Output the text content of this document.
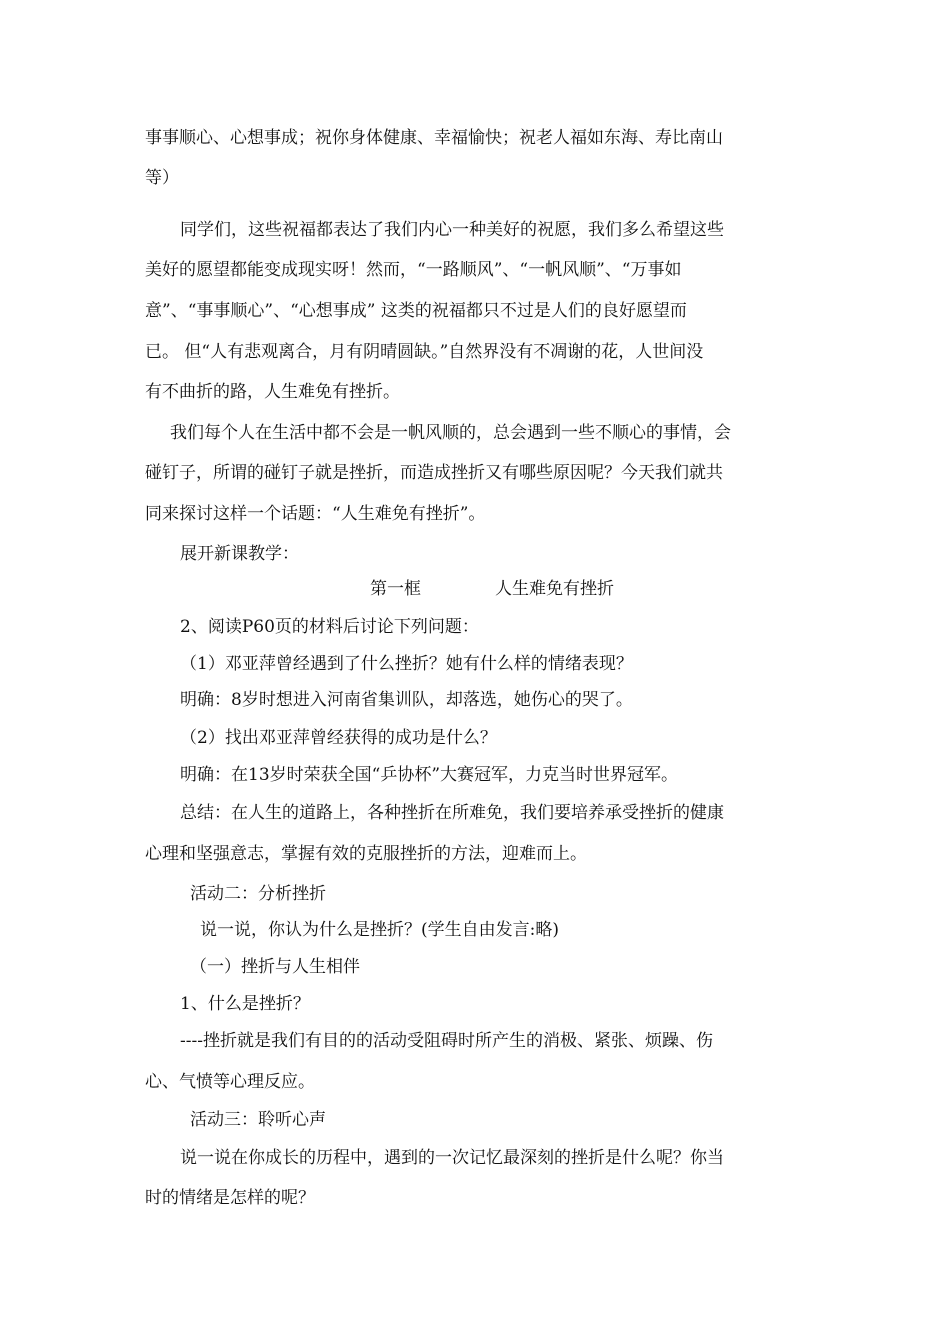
事事顺心、心想事成；祝你身体健康、幸福愉快；祝老人福如东海、寿比南山

等）

同学们，这些祝福都表达了我们内心一种美好的祝愿，我们多么希望这些

美好的愿望都能变成现实呀！然而，“一路顺风”、“一帆风顺”、“万事如

意”、“事事顺心”、“心想事成” 这类的祝福都只不过是人们的良好愿望而

已。 但“人有悲观离合，月有阴晴圆缺。”自然界没有不凋谢的花，人世间没

有不曲折的路，人生难免有挫折。

我们每个人在生活中都不会是一帆风顺的，总会遇到一些不顺心的事情，会

碰钉子，所谓的碰钉子就是挫折，而造成挫折又有哪些原因呢？今天我们就共

同来探讨这样一个话题：“人生难免有挫折”。

展开新课教学：

第一框	人生难免有挫折

2、阅读P60页的材料后讨论下列问题：

（1）邓亚萍曾经遇到了什么挫折？她有什么样的情绪表现？

明确：8岁时想进入河南省集训队，却落选，她伤心的哭了。

（2）找出邓亚萍曾经获得的成功是什么？

明确：在13岁时荣获全国“乒协杯”大赛冠军，力克当时世界冠军。

总结：在人生的道路上，各种挫折在所难免，我们要培养承受挫折的健康

心理和坚强意志，掌握有效的克服挫折的方法，迎难而上。

活动二：分析挫折

说一说，你认为什么是挫折？(学生自由发言:略)

（一）挫折与人生相伴

1、什么是挫折？

----挫折就是我们有目的的活动受阻碍时所产生的消极、紧张、烦躁、伤

心、气愤等心理反应。

活动三：聆听心声

说一说在你成长的历程中，遇到的一次记忆最深刻的挫折是什么呢？你当

时的情绪是怎样的呢？
